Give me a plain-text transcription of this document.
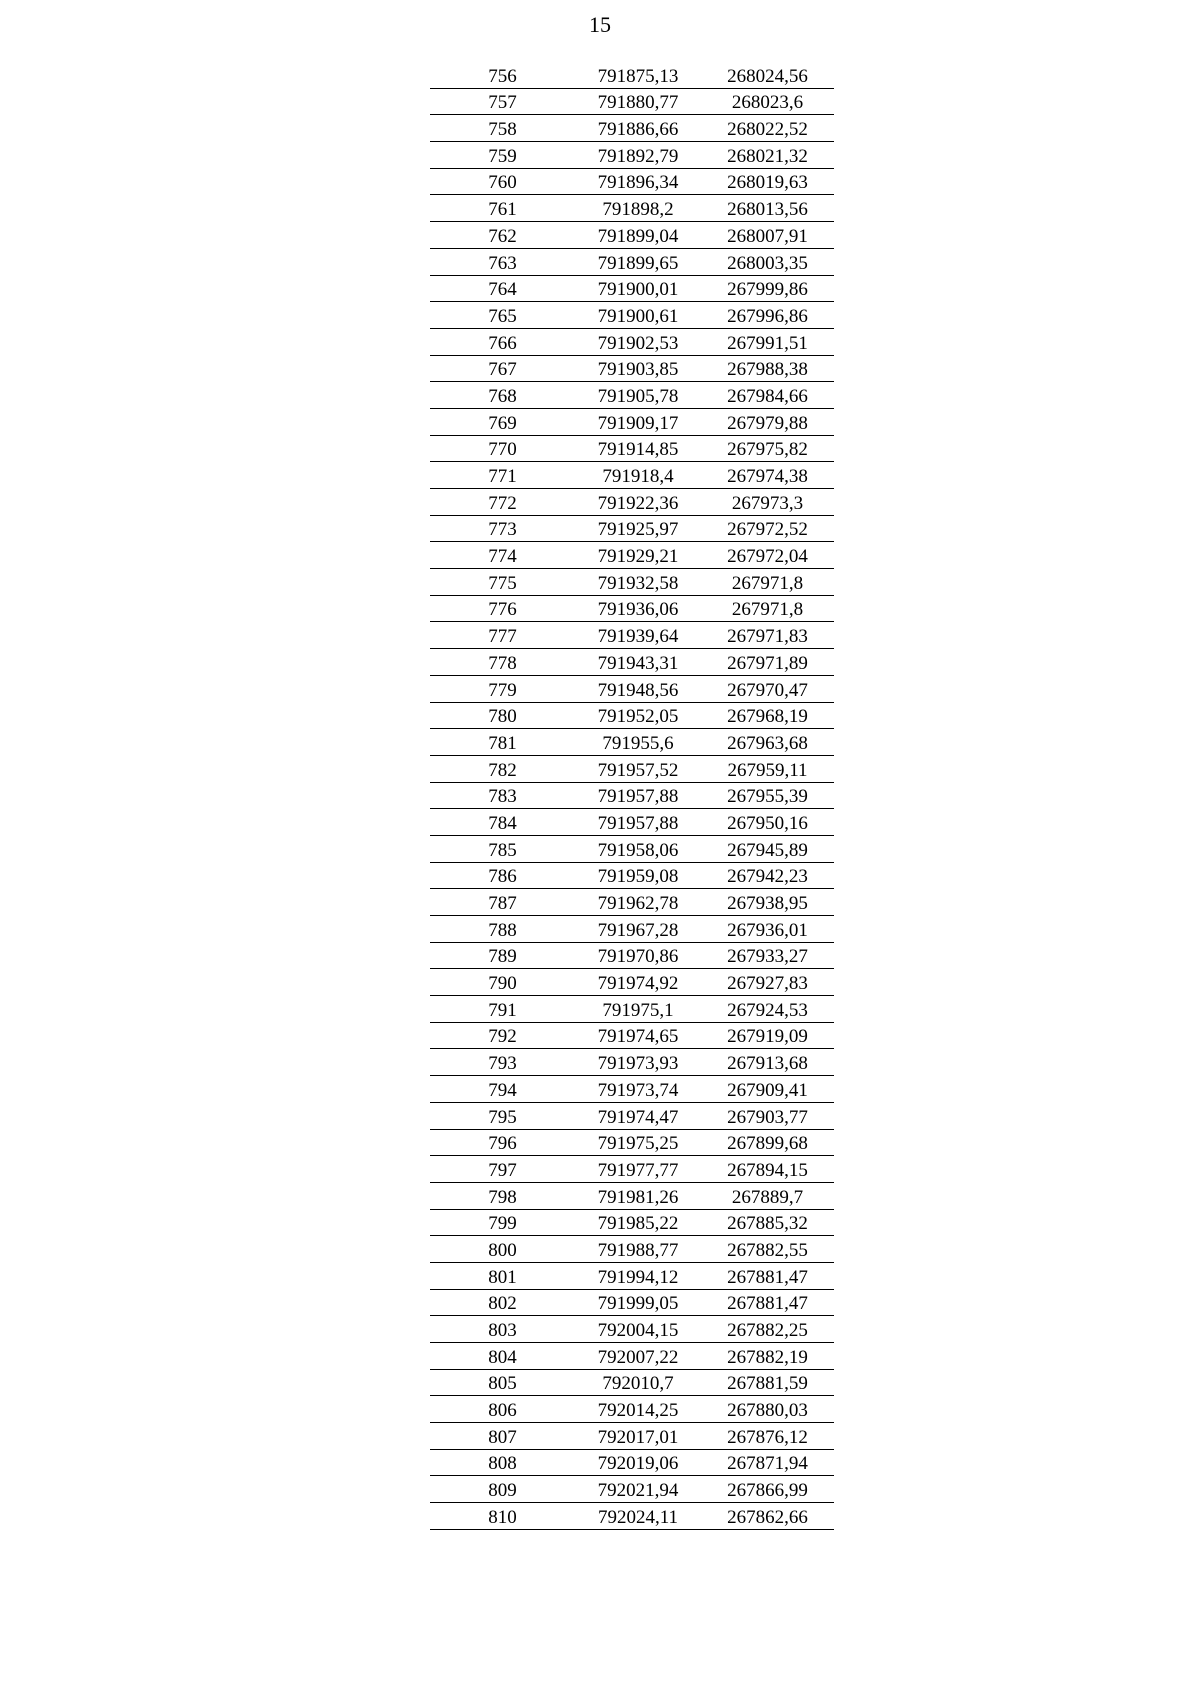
15
756	791875,13	268024,56
757	791880,77	268023,6
758	791886,66	268022,52
759	791892,79	268021,32
760	791896,34	268019,63
761	791898,2	268013,56
762	791899,04	268007,91
763	791899,65	268003,35
764	791900,01	267999,86
765	791900,61	267996,86
766	791902,53	267991,51
767	791903,85	267988,38
768	791905,78	267984,66
769	791909,17	267979,88
770	791914,85	267975,82
771	791918,4	267974,38
772	791922,36	267973,3
773	791925,97	267972,52
774	791929,21	267972,04
775	791932,58	267971,8
776	791936,06	267971,8
777	791939,64	267971,83
778	791943,31	267971,89
779	791948,56	267970,47
780	791952,05	267968,19
781	791955,6	267963,68
782	791957,52	267959,11
783	791957,88	267955,39
784	791957,88	267950,16
785	791958,06	267945,89
786	791959,08	267942,23
787	791962,78	267938,95
788	791967,28	267936,01
789	791970,86	267933,27
790	791974,92	267927,83
791	791975,1	267924,53
792	791974,65	267919,09
793	791973,93	267913,68
794	791973,74	267909,41
795	791974,47	267903,77
796	791975,25	267899,68
797	791977,77	267894,15
798	791981,26	267889,7
799	791985,22	267885,32
800	791988,77	267882,55
801	791994,12	267881,47
802	791999,05	267881,47
803	792004,15	267882,25
804	792007,22	267882,19
805	792010,7	267881,59
806	792014,25	267880,03
807	792017,01	267876,12
808	792019,06	267871,94
809	792021,94	267866,99
810	792024,11	267862,66
